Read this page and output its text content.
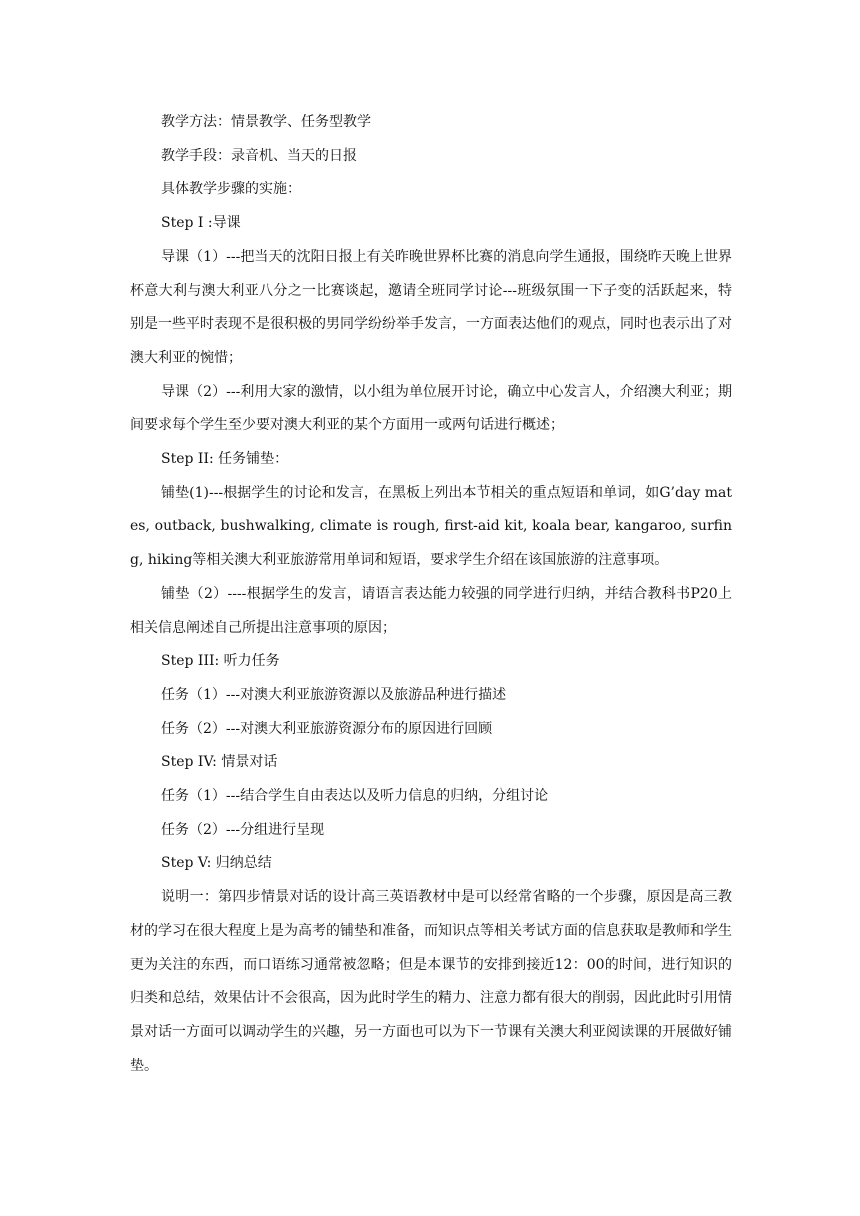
教学方法：情景教学、任务型教学

教学手段：录音机、当天的日报

具体教学步骤的实施：

Step Ⅰ :导课

导课（1）---把当天的沈阳日报上有关昨晚世界杯比赛的消息向学生通报，围绕昨天晚上世界杯意大利与澳大利亚八分之一比赛谈起，邀请全班同学讨论---班级氛围一下子变的活跃起来，特别是一些平时表现不是很积极的男同学纷纷举手发言，一方面表达他们的观点，同时也表示出了对澳大利亚的惋惜；

导课（2）---利用大家的激情，以小组为单位展开讨论，确立中心发言人，介绍澳大利亚；期间要求每个学生至少要对澳大利亚的某个方面用一或两句话进行概述；

Step II: 任务铺垫：

铺垫(1)---根据学生的讨论和发言，在黑板上列出本节相关的重点短语和单词，如G’day mates, outback, bushwalking, climate is rough, first-aid kit, koala bear, kangaroo, surfing, hiking等相关澳大利亚旅游常用单词和短语，要求学生介绍在该国旅游的注意事项。

铺垫（2）----根据学生的发言，请语言表达能力较强的同学进行归纳，并结合教科书P20上相关信息阐述自己所提出注意事项的原因；

Step III: 听力任务

任务（1）---对澳大利亚旅游资源以及旅游品种进行描述

任务（2）---对澳大利亚旅游资源分布的原因进行回顾

Step IV: 情景对话

任务（1）---结合学生自由表达以及听力信息的归纳，分组讨论

任务（2）---分组进行呈现

Step V: 归纳总结

说明一：第四步情景对话的设计高三英语教材中是可以经常省略的一个步骤，原因是高三教材的学习在很大程度上是为高考的铺垫和准备，而知识点等相关考试方面的信息获取是教师和学生更为关注的东西，而口语练习通常被忽略；但是本课节的安排到接近12：00的时间，进行知识的归类和总结，效果估计不会很高，因为此时学生的精力、注意力都有很大的削弱，因此此时引用情景对话一方面可以调动学生的兴趣，另一方面也可以为下一节课有关澳大利亚阅读课的开展做好铺垫。
